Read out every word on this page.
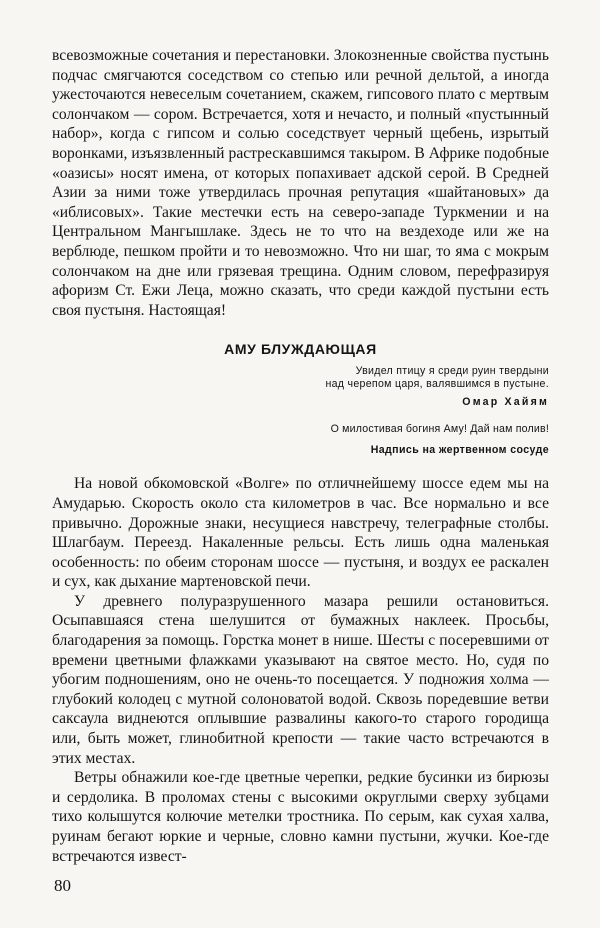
всевозможные сочетания и перестановки. Злокозненные свойства пустынь подчас смягчаются соседством со степью или речной дельтой, а иногда ужесточаются невеселым сочетанием, скажем, гипсового плато с мертвым солончаком — сором. Встречается, хотя и нечасто, и полный «пустынный набор», когда с гипсом и солью соседствует черный щебень, изрытый воронками, изъязвленный растрескавшимся такыром. В Африке подобные «оазисы» носят имена, от которых попахивает адской серой. В Средней Азии за ними тоже утвердилась прочная репутация «шайтановых» да «иблисовых». Такие местечки есть на северо-западе Туркмении и на Центральном Мангышлаке. Здесь не то что на вездеходе или же на верблюде, пешком пройти и то невозможно. Что ни шаг, то яма с мокрым солончаком на дне или грязевая трещина. Одним словом, перефразируя афоризм Ст. Ежи Леца, можно сказать, что среди каждой пустыни есть своя пустыня. Настоящая!

АМУ БЛУЖДАЮЩАЯ
Увидел птицу я среди руин твердыни
над черепом царя, валявшимся в пустыне.
Омар Хайям
О милостивая богиня Аму! Дай нам полив!
Надпись на жертвенном сосуде

На новой обкомовской «Волге» по отличнейшему шоссе едем мы на Амударью. Скорость около ста километров в час. Все нормально и все привычно. Дорожные знаки, несущиеся навстречу, телеграфные столбы. Шлагбаум. Переезд. Накаленные рельсы. Есть лишь одна маленькая особенность: по обеим сторонам шоссе — пустыня, и воздух ее раскален и сух, как дыхание мартеновской печи.

У древнего полуразрушенного мазара решили остановиться. Осыпавшаяся стена шелушится от бумажных наклеек. Просьбы, благодарения за помощь. Горстка монет в нише. Шесты с посеревшими от времени цветными флажками указывают на святое место. Но, судя по убогим подношениям, оно не очень-то посещается. У подножия холма — глубокий колодец с мутной солоноватой водой. Сквозь поредевшие ветви саксаула виднеются оплывшие развалины какого-то старого городища или, быть может, глинобитной крепости — такие часто встречаются в этих местах.

Ветры обнажили кое-где цветные черепки, редкие бусинки из бирюзы и сердолика. В проломах стены с высокими округлыми сверху зубцами тихо колышутся колючие метелки тростника. По серым, как сухая халва, руинам бегают юркие и черные, словно камни пустыни, жучки. Кое-где встречаются извест-

80
